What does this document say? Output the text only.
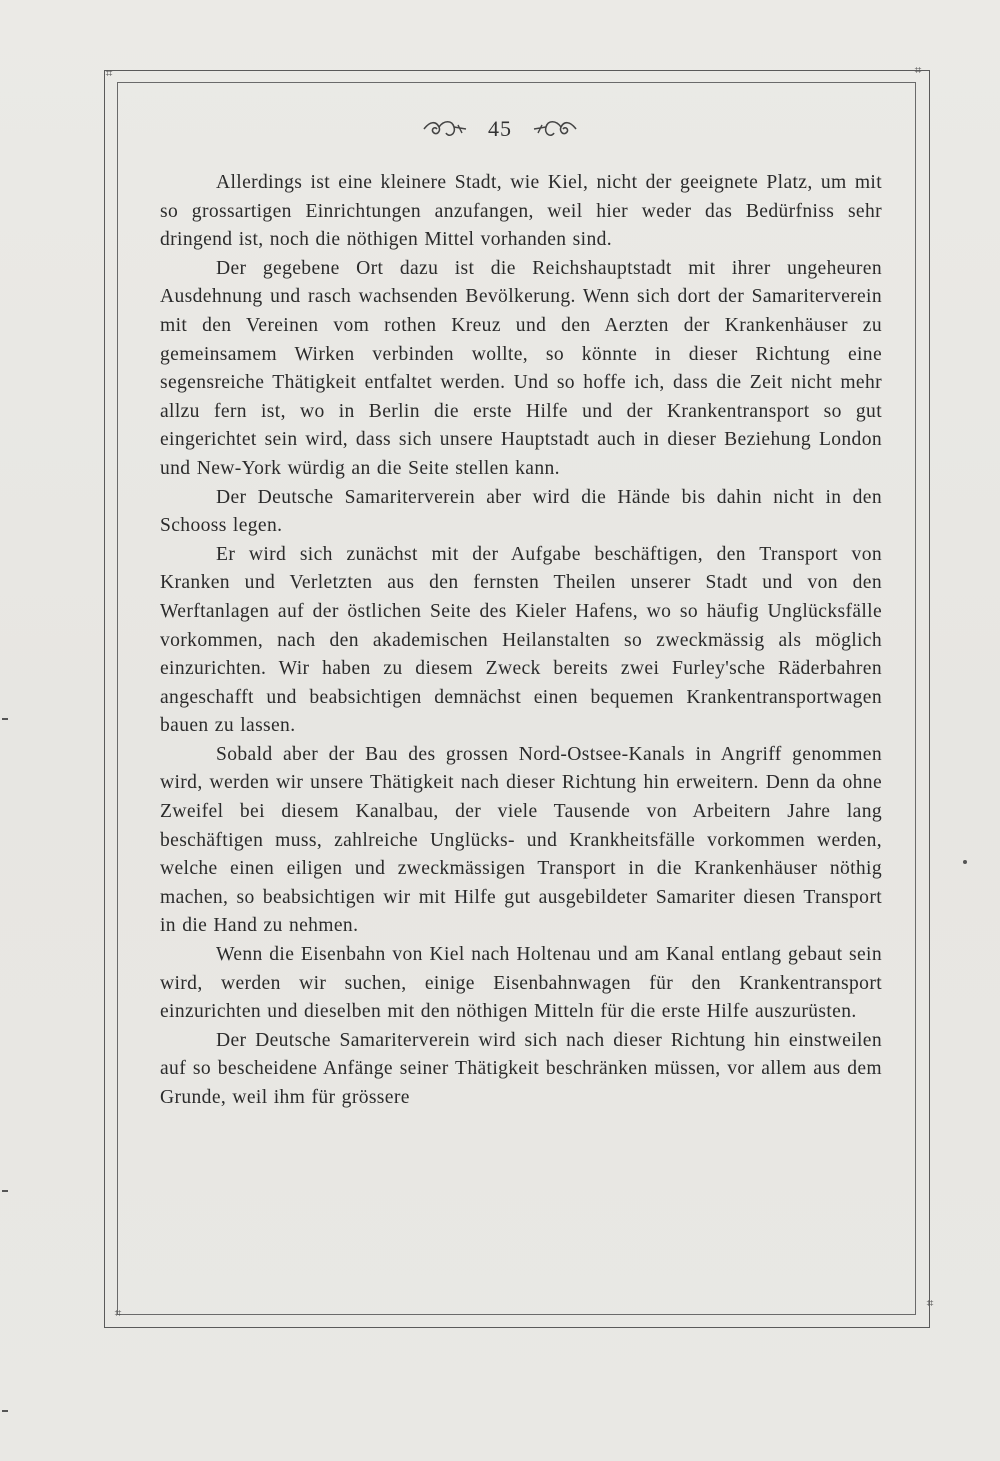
⌗	⌗
⌗
⌗
45

Allerdings ist eine kleinere Stadt, wie Kiel, nicht der geeignete Platz, um mit so grossartigen Einrichtungen anzufangen, weil hier weder das Bedürfniss sehr dringend ist, noch die nöthigen Mittel vorhanden sind.

Der gegebene Ort dazu ist die Reichshauptstadt mit ihrer ungeheuren Ausdehnung und rasch wachsenden Bevölkerung. Wenn sich dort der Samariterverein mit den Vereinen vom rothen Kreuz und den Aerzten der Krankenhäuser zu gemeinsamem Wirken verbinden wollte, so könnte in dieser Richtung eine segensreiche Thätigkeit entfaltet werden. Und so hoffe ich, dass die Zeit nicht mehr allzu fern ist, wo in Berlin die erste Hilfe und der Krankentransport so gut eingerichtet sein wird, dass sich unsere Hauptstadt auch in dieser Beziehung London und New-York würdig an die Seite stellen kann.

Der Deutsche Samariterverein aber wird die Hände bis dahin nicht in den Schooss legen.

Er wird sich zunächst mit der Aufgabe beschäftigen, den Transport von Kranken und Verletzten aus den fernsten Theilen unserer Stadt und von den Werftanlagen auf der östlichen Seite des Kieler Hafens, wo so häufig Unglücksfälle vorkommen, nach den akademischen Heilanstalten so zweckmässig als möglich einzurichten. Wir haben zu diesem Zweck bereits zwei Furley'sche Räderbahren angeschafft und beabsichtigen demnächst einen bequemen Krankentransportwagen bauen zu lassen.

Sobald aber der Bau des grossen Nord-Ostsee-Kanals in Angriff genommen wird, werden wir unsere Thätigkeit nach dieser Richtung hin erweitern. Denn da ohne Zweifel bei diesem Kanalbau, der viele Tausende von Arbeitern Jahre lang beschäftigen muss, zahlreiche Unglücks- und Krankheitsfälle vorkommen werden, welche einen eiligen und zweckmässigen Transport in die Krankenhäuser nöthig machen, so beabsichtigen wir mit Hilfe gut ausgebildeter Samariter diesen Transport in die Hand zu nehmen.

Wenn die Eisenbahn von Kiel nach Holtenau und am Kanal entlang gebaut sein wird, werden wir suchen, einige Eisenbahnwagen für den Krankentransport einzurichten und dieselben mit den nöthigen Mitteln für die erste Hilfe auszurüsten.

Der Deutsche Samariterverein wird sich nach dieser Richtung hin einstweilen auf so bescheidene Anfänge seiner Thätigkeit beschränken müssen, vor allem aus dem Grunde, weil ihm für grössere
